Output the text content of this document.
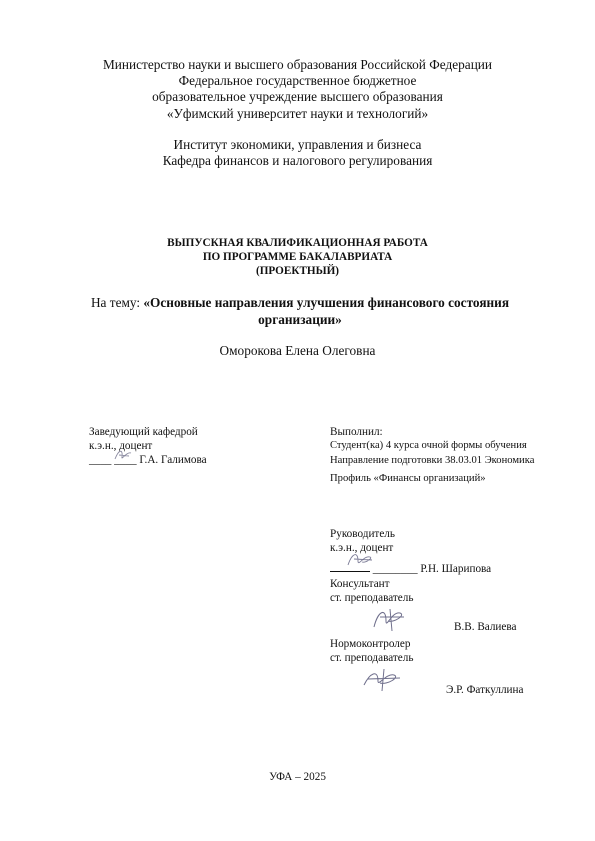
Министерство науки и высшего образования Российской Федерации
Федеральное государственное бюджетное
образовательное учреждение высшего образования
«Уфимский университет науки и технологий»
Институт экономики, управления и бизнеса
Кафедра финансов и налогового регулирования
ВЫПУСКНАЯ КВАЛИФИКАЦИОННАЯ РАБОТА
ПО ПРОГРАММЕ БАКАЛАВРИАТА
(ПРОЕКТНЫЙ)
На тему: «Основные направления улучшения финансового состояния
организации»
Оморокова Елена Олеговна
Заведующий кафедрой
к.э.н., доцент
____ ____ Г.А. Галимова
Выполнил:
Студент(ка) 4 курса очной формы обучения
Направление подготовки 38.03.01 Экономика
Профиль «Финансы организаций»
Руководитель
к.э.н., доцент
________ Р.Н. Шарипова
Консультант
ст. преподаватель
В.В. Валиева
Нормоконтролер
ст. преподаватель
Э.Р. Фаткуллина
УФА – 2025
